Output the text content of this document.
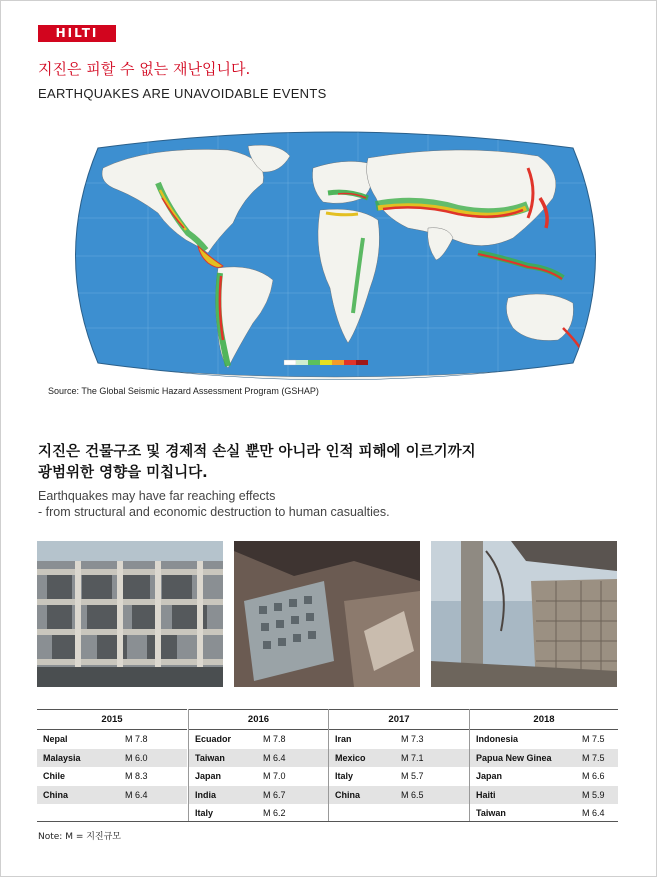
HILTI
지진은 피할 수 없는 재난입니다.
EARTHQUAKES ARE UNAVOIDABLE EVENTS
Source: The Global Seismic Hazard Assessment Program (GSHAP)
지진은 건물구조 및 경제적 손실 뿐만 아니라 인적 피해에 이르기까지
광범위한 영향을 미칩니다.
Earthquakes may have far reaching effects
- from structural and economic destruction to human casualties.
2015
Nepal	M 7.8
Malaysia	M 6.0
Chile	M 8.3
China	M 6.4
2016
Ecuador	M 7.8
Taiwan	M 6.4
Japan	M 7.0
India	M 6.7
Italy	M 6.2
2017
Iran	M 7.3
Mexico	M 7.1
Italy	M 5.7
China	M 6.5
2018
Indonesia	M 7.5
Papua New Ginea	M 7.5
Japan	M 6.6
Haiti	M 5.9
Taiwan	M 6.4
Note: M = 지진규모
